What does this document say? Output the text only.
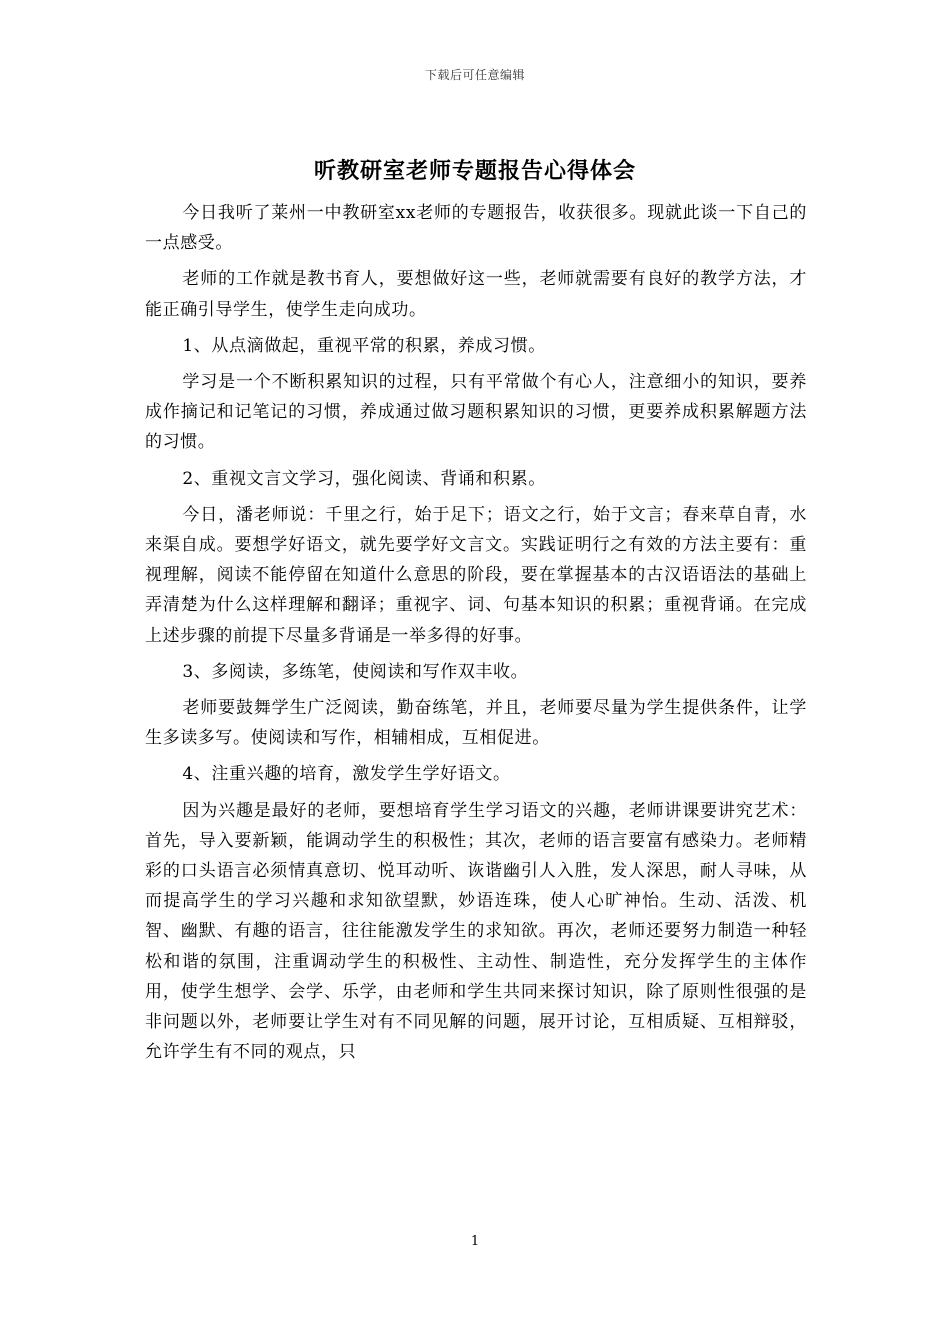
下载后可任意编辑
听教研室老师专题报告心得体会

今日我听了莱州一中教研室xx老师的专题报告，收获很多。现就此谈一下自己的一点感受。

老师的工作就是教书育人，要想做好这一些，老师就需要有良好的教学方法，才能正确引导学生，使学生走向成功。

1、从点滴做起，重视平常的积累，养成习惯。

学习是一个不断积累知识的过程，只有平常做个有心人，注意细小的知识，要养成作摘记和记笔记的习惯，养成通过做习题积累知识的习惯，更要养成积累解题方法的习惯。

2、重视文言文学习，强化阅读、背诵和积累。

今日，潘老师说：千里之行，始于足下；语文之行，始于文言；春来草自青，水来渠自成。要想学好语文，就先要学好文言文。实践证明行之有效的方法主要有：重视理解，阅读不能停留在知道什么意思的阶段，要在掌握基本的古汉语语法的基础上弄清楚为什么这样理解和翻译；重视字、词、句基本知识的积累；重视背诵。在完成上述步骤的前提下尽量多背诵是一举多得的好事。

3、多阅读，多练笔，使阅读和写作双丰收。

老师要鼓舞学生广泛阅读，勤奋练笔，并且，老师要尽量为学生提供条件，让学生多读多写。使阅读和写作，相辅相成，互相促进。

4、注重兴趣的培育，激发学生学好语文。

因为兴趣是最好的老师，要想培育学生学习语文的兴趣，老师讲课要讲究艺术：首先，导入要新颖，能调动学生的积极性；其次，老师的语言要富有感染力。老师精彩的口头语言必须情真意切、悦耳动听、诙谐幽引人入胜，发人深思，耐人寻味，从而提高学生的学习兴趣和求知欲望默，妙语连珠，使人心旷神怡。生动、活泼、机智、幽默、有趣的语言，往往能激发学生的求知欲。再次，老师还要努力制造一种轻松和谐的氛围，注重调动学生的积极性、主动性、制造性，充分发挥学生的主体作用，使学生想学、会学、乐学，由老师和学生共同来探讨知识，除了原则性很强的是非问题以外，老师要让学生对有不同见解的问题，展开讨论，互相质疑、互相辩驳，允许学生有不同的观点，只

1
